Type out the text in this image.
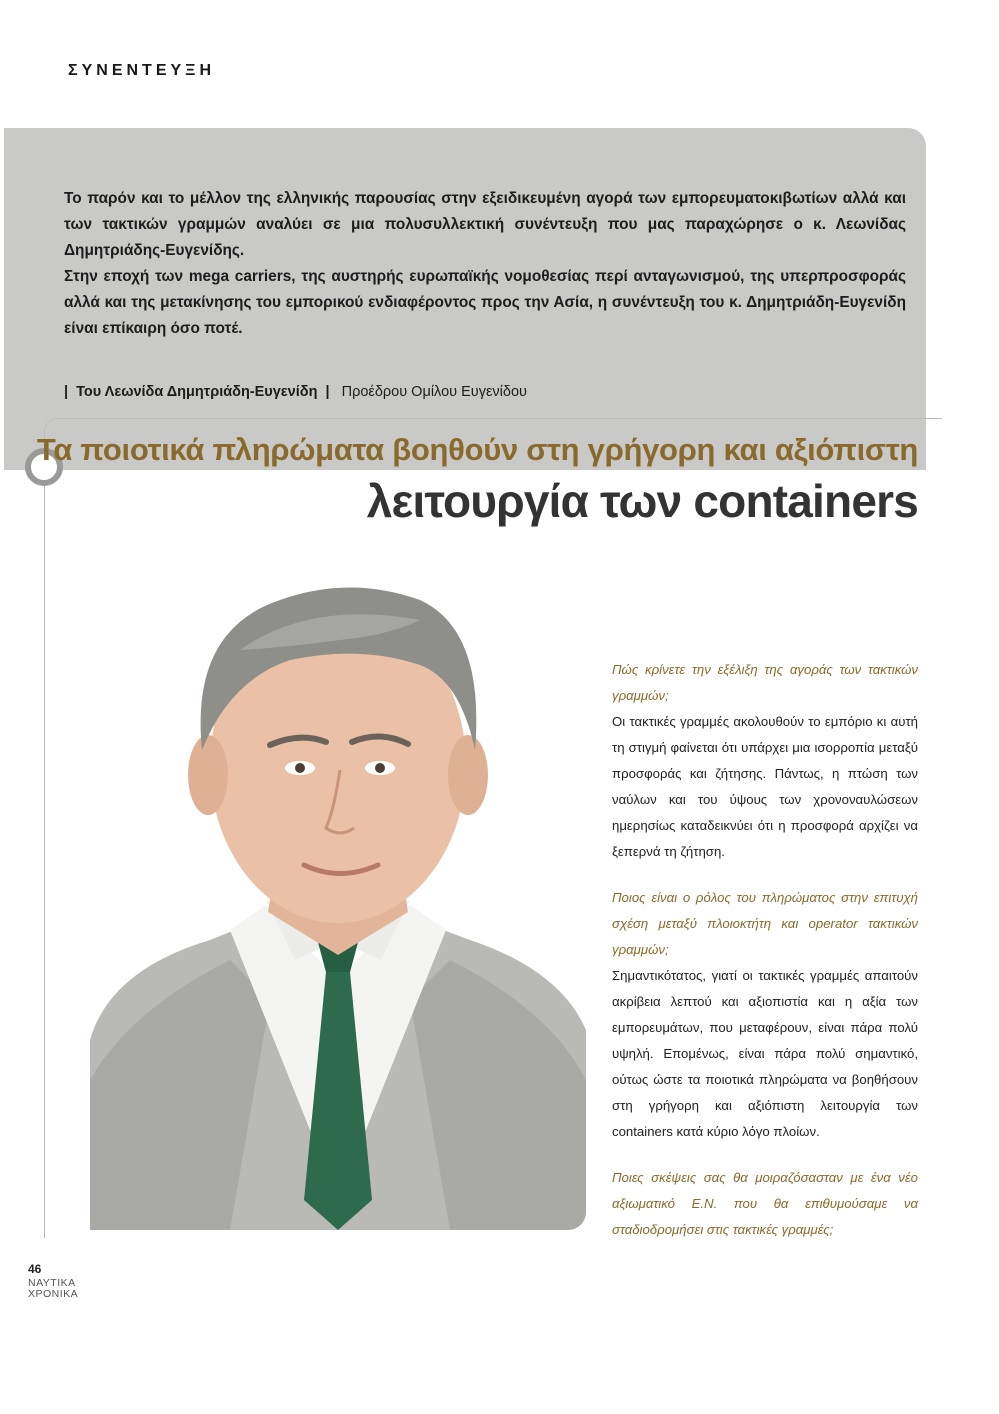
ΣΥΝΕΝΤΕΥΞΗ

Το παρόν και το μέλλον της ελληνικής παρουσίας στην εξειδικευμένη αγορά των εμπορευματοκιβωτίων αλλά και των τακτικών γραμμών αναλύει σε μια πολυσυλλεκτική συνέντευξη που μας παραχώρησε ο κ. Λεωνίδας Δημητριάδης-Ευγενίδης.

Στην εποχή των mega carriers, της αυστηρής ευρωπαϊκής νομοθεσίας περί ανταγωνισμού, της υπερπροσφοράς αλλά και της μετακίνησης του εμπορικού ενδιαφέροντος προς την Ασία, η συνέντευξη του κ. Δημητριάδη-Ευγενίδη είναι επίκαιρη όσο ποτέ.

| Του Λεωνίδα Δημητριάδη-Ευγενίδη  | Προέδρου Ομίλου Ευγενίδου
Τα ποιοτικά πληρώματα βοηθούν στη γρήγορη και αξιόπιστη
λειτουργία των containers

Πώς κρίνετε την εξέλιξη της αγοράς των τακτικών γραμμών;

Οι τακτικές γραμμές ακολουθούν το εμπόριο κι αυτή τη στιγμή φαίνεται ότι υπάρχει μια ισορροπία μεταξύ προσφοράς και ζήτησης. Πάντως, η πτώση των ναύλων και του ύψους των χρονοναυλώσεων ημερησίως καταδεικνύει ότι η προσφορά αρχίζει να ξεπερνά τη ζήτηση.

Ποιος είναι ο ρόλος του πληρώματος στην επιτυχή σχέση μεταξύ πλοιοκτήτη και operator τακτικών γραμμών;

Σημαντικότατος, γιατί οι τακτικές γραμμές απαιτούν ακρίβεια λεπτού και αξιοπιστία και η αξία των εμπορευμάτων, που μεταφέρουν, είναι πάρα πολύ υψηλή. Επομένως, είναι πάρα πολύ σημαντικό, ούτως ώστε τα ποιοτικά πληρώματα να βοηθήσουν στη γρήγορη και αξιόπιστη λειτουργία των containers κατά κύριο λόγο πλοίων.

Ποιες σκέψεις σας θα μοιραζόσασταν με ένα νέο αξιωματικό Ε.Ν. που θα επιθυμούσαμε να σταδιοδρομήσει στις τακτικές γραμμές;

46
ΝΑΥΤΙΚΑ
ΧΡΟΝΙΚΑ
